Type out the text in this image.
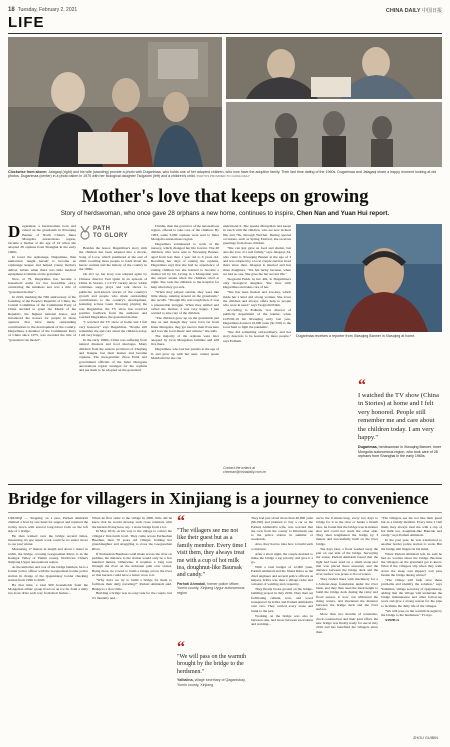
18 Tuesday, February 2, 2021	CHINA DAILY 中国日报
LIFE
Clockwise from above: Jalagaqi (right) and his wife (standing) provide a photo with Dugarimaa, who holds one of her adopted children, who now have the adoptive family. Their last time dating of the 1960s. Dugarimaa and Jalagaqi share a happy moment looking at old photos. Dugarimaa (center) in a photo taken in 1970 with her biological daughter Tsogzomi (left) and a children's child. PHOTOS PROVIDED TO CHINA DAILY
Mother's love that keeps on growing
Story of herdswoman, who once gave 28 orphans a new home, continues to inspire, Chen Nan and Yuan Hui report.
D ugarimaa, a herdswoman born and raised on the grasslands in Xiwuqing Banner of North China's Inner Mongolia autonomous region, became a mother at the age of 19 when she adopted 28 orphans from Shanghai in the early 1960s.

In tower the orphanage, Dugarimaa, then unmarried, taught herself to become an orphanage keeper and helped young mothers deliver babies when there was little medical equipment available on the grassland.

Now, at 79, Dugarimaa has become a household name for her incredible story, celebrating the kindness and was a title of "grassland mother".

In 2019, marking the 70th anniversary of the founding of the People's Republic of China, the Central Committee of the Communist Party of China decided to grant the Medal of the Republic, the highest national honor, and introduced the honors for people in those quarters that have made outstanding contributions to the development of the country. Dugarimaa, a member of the Communist Party of China since 1975, was awarded the title of "grassland role model".

PATH
TO GLORY

Besides the honor, Dugarimaa's story with the children has been adapted into a movie, Song of Love, which premiered at the end of 2020, recalling more people to learn about the heroic woman and the history of the country in the 1960s.

On Oct 12, her story was adapted again by Chinese director Tsui Quan in an episode of China In Stories, a CCTV variety show, which combines stage plays and talk shows to publicize well-known stories of the country's growth and people who made outstanding contributions to the country's development, featuring actress Guan Xiaotong playing the role Dugarimaa, the TV show has received positive feedback from the audience and touched Dugarimaa, the grassland mother.

"I watched the TV show at home and I felt very honored," says Dugarimaa. "People still remember me and care about the children today. I am very happy."

In the early 1960s, China was suffering from natural disasters and food shortages. Many children from the eastern provinces of Zhejiang and Jiangsu lost their homes and became orphans. The then-premier Zhou Enlai and government officials of the Inner Mongolia autonomous region arranged for the orphans and put them to be adopted on the grassland.

Ulanhu, then the governor of the autonomous region, offered to take care of the children. By 1963, some 3,000 orphans were sent to Inner Mongolia autonomous region.

Dugarimaa volunteered to work at the nursery, which changed her life forever. The 28 children, who were sent to Xiwuqing Banner, aged from less than 1 year old to 6 years old. Recalling her days of raising the orphans, Dugarimaa says that she had no experience of raising children but she learned to become a mother bit by bit. Living in a Mongolian yurt, she stayed awake when the children cried at night. She took the children to the hospital for help when they got sick.

"When they played outside, they were like little sheep, running around on the grasslands," she recalls. "Though life was tough then, it was a pleasurable struggle. When they smiled and called me mother, I was very happy. I just wanted to take care of the children.

"The children grew up on the grasslands just like us and though they were born far from Inner Mongolia, they got used to their lives here and love the local music and culture," she adds.

The majority of the orphans were later adopted by local Mongolian families and still live there.

Dugarimaa, who lost her parents at the age of 8, and grew up with her aunt, cannot speak Mandarin but she can

understand it. She speaks Mongolian and keeps in touch with the children, who are now in their 60s and 70s, through WeChat. During special occasions, such as Spring Festival, she receives greetings from those children.

"She can just gave us food and shelter, but also the love of a real family," says Jalagaqi, 64, who came to Xiwuqing Banner at the age of 3 and was adopted by a local couple and has lived there since then. Jalagaqi is married and has three daughters. "We felt lucky because, when we had no one. She gave me her second life."

Tsogzomi Enkh, in her 40s, is Dugarimaa's only biological daughter. She lives with Dugarimaa and takes care of her.

"She has been modest and low-key, which made her a kind and strong woman. She loves the children and always offers help to people who were in need," says Tsogzomi Enkh.

According to Erdhem, vice director of publicity department of the banner, when COVID-19 hit Xiwuqing early last year, Dugarimaa donated 10,000 yuan ($1,550) to the local fund to fight the pandemic.

"She did something extraordinary, and her story deserves to be learned by more people," says Erdhem.

Dugarimaa receives a reporter from Xiwuqing Banner in Xiwuqing at home.
“
I watched the TV show (China in Stories) at home and I felt very honored. People still remember me and care about the children today. I am very happy."
Dugarimaa, herdswoman in Xiwuqing Banner, Inner Mongolia autonomous region, who took care of 28 orphans from Shanghai in the early 1960s
Contact the writers at chennan@chinadaily.com.cn
Bridge for villagers in Xinjiang is a journey to convenience

URUMQI — Stepping on a pier, Parhati Ahmatali climbed a boat by one hand for support and repaired the trolley down with several long-travel bolts on the left side of a bridge.

He then walked over the bridge several times, measuring it's ape repair work could be no easier move to our past winter.

Measuring 17 meters in length and about 1 meter in width, the bridge, crossing Gaoguozhan River, is in the Kashgar Valley of Yumin county, Northwest China's Xinjiang Uygur autonomous region.

At the initiative and cost of the bridge builders, he is a former police officer with the Gaoguozhan border police station in charge of the Qagantokay border checking station from 1996 to 2020.

By that time, a total 900 households from the Mongolian ethnic group lived on an ice far from a daily two-hour drive each way from their homes...

When he first came to the village in 2000, little did he know that he would develop such close relations with the herders living here, say, 1 stone bridge from a lot.

In May 2016, on his way to the village to collect the villagers' first-batch bowl. They came across Eerhuohan Buerhun, then 70 years old villager, holding her granddaughter and struggling to cross the Gaoguozhan River.

If Eerhuohan Buerhun could make across the river on peddles, the distance to the station would only be a few hundred meters. Otherwise, it requires a long tour through the river on the unbeaten path over stones. Being there, he vowed to build a bridge across the river so that herders could have a better cross to it.

"Why don't we try to build a bridge for them to facilitate their daily traveling?" Parhati Ahmatali said. Bridge is a slow time.

Building a bridge was no easy task for the couple, but it's mentally and...

“
"The villagers see me not like their guest but as a family member. Every time I visit them, they always treat me with a cup of hot milk tea, doughnut-like Baursak and candy."
Parhati Ahmatali, former police officer, Yumin county, Xinjiang Uygur autonomous region
“
"We will pass on the warmth brought by the bridge to the herdsmen."
Yalitalina, village secretary of Qagantokay, Yumin county, Xinjiang

They had just saved more than 40,000 yuan ($6,190) and planned to buy a car as the Parhati Ahmatali's wife, was worried that the rock from the county to Kharisem one to the police station in summer or weekends.

Also, they had no idea how to build such a structure.

After a short night, the couple decided to make the bridge a top priority and give it a go.

With a total budget of 12,000 yuan, Parhati Ahmatali and his friend Kibra as the chief engineer and several police officers as helpers. Kibra was then a village cadre and a master of welding and carpentry.

They finally broke ground on the bridge-building project in July 2016, They then set facilitating cement, iron, and wood transported by Kibra and Parhati Ahmatali's own cars. They carried every stone and trunk to the plot.

Working on the bridge was also in between rain, and snow between excavation and welding...

curve the U-meter-long, every two days to bridge for it as the river or banks a month later, he found that the bridge was in mature shot and could not reach the other side. They then lengthened the bridge by 3 meters and successfully built on the river bridge.

Ten days later, a flood washed away the pier on one side of the bridge. Surveying the scene, Parhati Ahmatali found that the light had been used on a small stone pier that was placed there unsound, and the distance between the bridge deck and the river surface was prone to flood waters.

They rushed there with machinery for a 1.3-meter-deep foundation under the river bank, and they then used the ideal height to build the bridge deck during the rainy and flood season. It now can withstand the rising waters, and shortened the distance between the bridge deck and the river surface.

More than two months of round-the-clock construction and their joint effort, the new bridge was finally ready for use in July 2016 and has benefited the villagers since then.

"The villagers see me not like their guest but as a family member. Every time I visit them, they always treat me with a cup of hot milk tea, doughnut-like Baursak and candy," says Parhati Ahmatali.

In the past year, he was transferred to another border police station to work. But the bridge still lingers in his mind.

When Parhati Ahmatali left, he said he had no worries about the bridge. Because the villagers on the grassland got to know. What if the villagers slip when they walk down the steep and slippery soil pass beside the bridge during winter?

"The village will help save these problems and identify the solution," says Yalitalina, village secretary of Qagantokay, adding that the village will undertake the bridge maintenance and other follow-up work and give a strong reason for the pipe to facilitate the daily life of the villages.

"We will pass on the warmth brought by the bridge to the herdsmen," Yi says.

XINHUA

ZHOU GUIBIN
